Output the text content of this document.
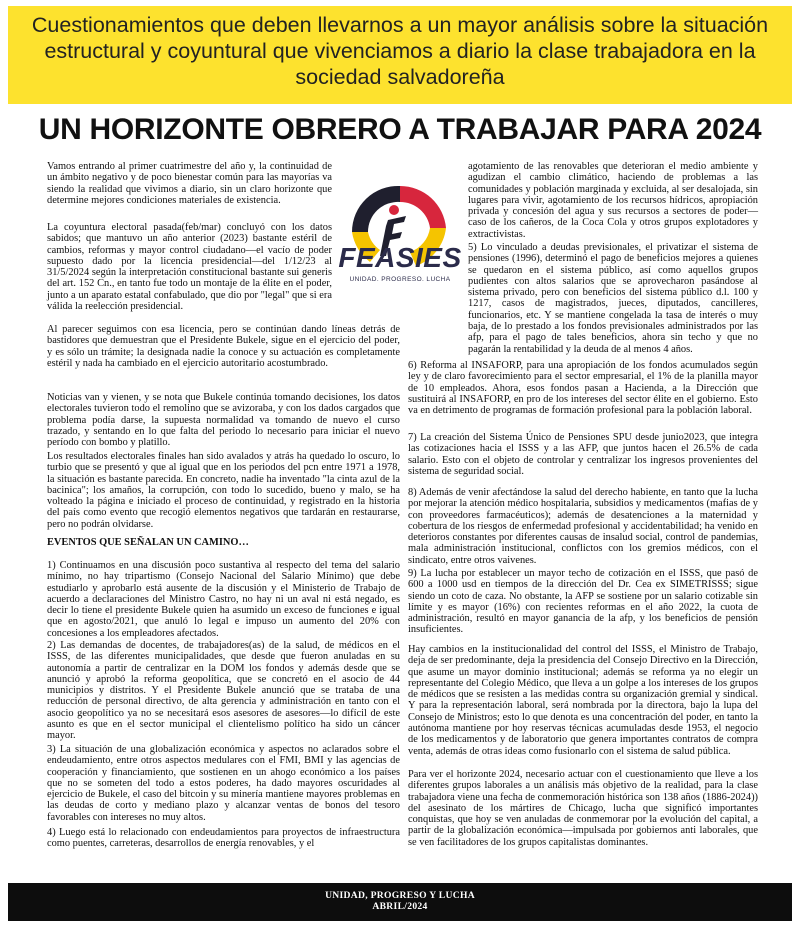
Cuestionamientos que deben llevarnos a un mayor análisis sobre la situación estructural y coyuntural que vivenciamos a diario la clase trabajadora en la sociedad salvadoreña
UN HORIZONTE OBRERO A TRABAJAR PARA 2024

Vamos entrando al primer cuatrimestre del año y, la continuidad de un ámbito negativo y de poco bienestar común para las mayorías va siendo la realidad que vivimos a diario, sin un claro horizonte que determine mejores condiciones materiales de existencia.

La coyuntura electoral pasada(feb/mar) concluyó con los datos sabidos; que mantuvo un año anterior (2023) bastante estéril de cambios, reformas y mayor control ciudadano—el vacío de poder supuesto dado por la licencia presidencial—del 1/12/23 al 31/5/2024 según la interpretación constitucional bastante sui generis del art. 152 Cn., en tanto fue todo un montaje de la élite en el poder, junto a un aparato estatal confabulado, que dio por "legal" que si era válida la reelección presidencial.

Al parecer seguimos con esa licencia, pero se continúan dando líneas detrás de bastidores que demuestran que el Presidente Bukele, sigue en el ejercicio del poder, y es sólo un trámite; la designada nadie la conoce y su actuación es completamente estéril y nada ha cambiado en el ejercicio autoritario acostumbrado.

Noticias van y vienen, y se nota que Bukele continúa tomando decisiones, los datos electorales tuvieron todo el remolino que se avizoraba, y con los dados cargados que problema podía darse, la supuesta normalidad va tomando de nuevo el curso trazado, y sentando en lo que falta del periodo lo necesario para iniciar el nuevo período con bombo y platillo.

Los resultados electorales finales han sido avalados y atrás ha quedado lo oscuro, lo turbio que se presentó y que al igual que en los periodos del pcn entre 1971 a 1978, la situación es bastante parecida. En concreto, nadie ha inventado "la cinta azul de la bacinica"; los amaños, la corrupción, con todo lo sucedido, bueno y malo, se ha volteado la página e iniciado el proceso de continuidad, y registrado en la historia del país como evento que recogió elementos negativos que tardarán en restaurarse, pero no podrán olvidarse.

EVENTOS QUE SEÑALAN UN CAMINO…

1) Continuamos en una discusión poco sustantiva al respecto del tema del salario mínimo, no hay tripartismo (Consejo Nacional del Salario Mínimo) que debe estudiarlo y aprobarlo está ausente de la discusión y el Ministerio de Trabajo de acuerdo a declaraciones del Ministro Castro, no hay ni un aval ni está negado, es decir lo tiene el presidente Bukele quien ha asumido un exceso de funciones e igual que en agosto/2021, que anuló lo legal e impuso un aumento del 20% con concesiones a los empleadores afectados.

2) Las demandas de docentes, de trabajadores(as) de la salud, de médicos en el ISSS, de las diferentes municipalidades, que desde que fueron anuladas en su autonomía a partir de centralizar en la DOM los fondos y además desde que se anunció y aprobó la reforma geopolítica, que se concretó en el asocio de 44 municipios y distritos. Y el Presidente Bukele anunció que se trataba de una reducción de personal directivo, de alta gerencia y administración en tanto con el asocio geopolítico ya no se necesitará esos asesores de asesores—lo difícil de este asunto es que en el sector municipal el clientelismo político ha sido un cáncer mayor.

3) La situación de una globalización económica y aspectos no aclarados sobre el endeudamiento, entre otros aspectos medulares con el FMI, BMI y las agencias de cooperación y financiamiento, que sostienen en un ahogo económico a los países que no se someten del todo a estos poderes, ha dado mayores oscuridades al ejercicio de Bukele, el caso del bitcoin y su minería mantiene mayores problemas en las deudas de corto y mediano plazo y alcanzar ventas de bonos del tesoro favorables con intereses no muy altos.

4) Luego está lo relacionado con endeudamientos para proyectos de infraestructura como puentes, carreteras, desarrollos de energía renovables, y el

FEASIES
UNIDAD. PROGRESO. LUCHA

agotamiento de las renovables que deterioran el medio ambiente y agudizan el cambio climático, haciendo de problemas a las comunidades y población marginada y excluida, al ser desalojada, sin lugares para vivir, agotamiento de los recursos hídricos, apropiación privada y concesión del agua y sus recursos a sectores de poder—caso de los cañeros, de la Coca Cola y otros grupos explotadores y extractivistas.

5) Lo vinculado a deudas previsionales, el privatizar el sistema de pensiones (1996), determinó el pago de beneficios mejores a quienes se quedaron en el sistema público, así como aquellos grupos pudientes con altos salarios que se aprovecharon pasándose al sistema privado, pero con beneficios del sistema público d.l. 100 y 1217, casos de magistrados, jueces, diputados, cancilleres, funcionarios, etc. Y se mantiene congelada la tasa de interés o muy baja, de lo prestado a los fondos previsionales administrados por las afp, para el pago de tales beneficios, ahora sin techo y que no pagarán la rentabilidad y la deuda de al menos 4 años.

6) Reforma al INSAFORP, para una apropiación de los fondos acumulados según ley y de claro favorecimiento para el sector empresarial, el 1% de la planilla mayor de 10 empleados. Ahora, esos fondos pasan a Hacienda, a la Dirección que sustituirá al INSAFORP, en pro de los intereses del sector élite en el gobierno. Esto va en detrimento de programas de formación profesional para la población laboral.

7) La creación del Sistema Único de Pensiones SPU desde junio2023, que integra las cotizaciones hacia el ISSS y a las AFP, que juntos hacen el 26.5% de cada salario. Esto con el objeto de controlar y centralizar los ingresos provenientes del sistema de seguridad social.

8) Además de venir afectándose la salud del derecho habiente, en tanto que la lucha por mejorar la atención médico hospitalaria, subsidios y medicamentos (mafias de y con proveedores farmacéuticos); además de desatenciones a la maternidad y cobertura de los riesgos de enfermedad profesional y accidentabilidad; ha venido en deterioros constantes por diferentes causas de insalud social, control de pandemias, mala administración institucional, conflictos con los gremios médicos, con el sindicato, entre otros vaivenes.

9) La lucha por establecer un mayor techo de cotización en el ISSS, que pasó de 600 a 1000 usd en tiempos de la dirección del Dr. Cea ex SIMETRISSS; sigue siendo un coto de caza. No obstante, la AFP se sostiene por un salario cotizable sin límite y es mayor (16%) con recientes reformas en el año 2022, la cuota de administración, resultó en mayor ganancia de la afp, y los beneficios de pensión insuficientes.

Hay cambios en la institucionalidad del control del ISSS, el Ministro de Trabajo, deja de ser predominante, deja la presidencia del Consejo Directivo en la Dirección, que asume un mayor dominio institucional; además se reforma ya no elegir un representante del Colegio Médico, que lleva a un golpe a los intereses de los grupos de médicos que se resisten a las medidas contra su organización gremial y sindical. Y para la representación laboral, será nombrada por la directora, bajo la lupa del Consejo de Ministros; esto lo que denota es una concentración del poder, en tanto la autónoma mantiene por hoy reservas técnicas acumuladas desde 1953, el negocio de los medicamentos y de laboratorio que genera importantes contratos de compra venta, además de otras ideas como fusionarlo con el sistema de salud pública.

Para ver el horizonte 2024, necesario actuar con el cuestionamiento que lleve a los diferentes grupos laborales a un análisis más objetivo de la realidad, para la clase trabajadora viene una fecha de conmemoración histórica son 138 años (1886-2024)) del asesinato de los mártires de Chicago, lucha que significó importantes conquistas, que hoy se ven anuladas de conmemorar por la evolución del capital, a partir de la globalización económica—impulsada por gobiernos anti laborales, que se ven facilitadores de los grupos capitalistas dominantes.

UNIDAD, PROGRESO Y LUCHA
ABRIL/2024
